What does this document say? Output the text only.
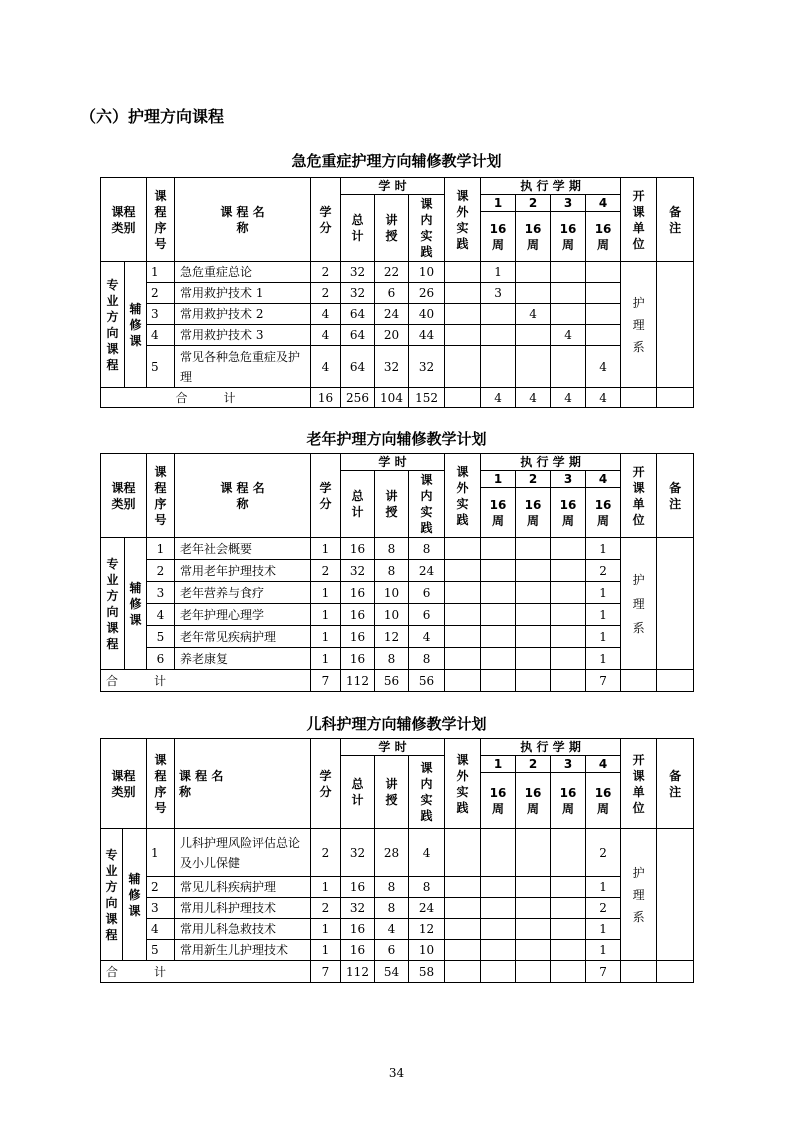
（六）护理方向课程
急危重症护理方向辅修教学计划
课程类别		课程序号	课 程 名 称	学分	学 时			课外实践	执 行 学 期				开课单位	备注

					总计	讲授	课内实践		1	2	3	4		

									16周	16周	16周	16周		

专业方向课程	辅修课	1	急危重症总论	2	32	22	10		1				护理系	

		2	常用救护技术 1	2	32	6	26		3					
		3	常用救护技术 2	4	64	24	40			4				
		4	常用救护技术 3	4	64	20	44				4			
		5	常见各种急危重症及护理	4	64	32	32					4		
合　　　计				16	256	104	152		4	4	4	4		
老年护理方向辅修教学计划
课程类别		课程序号	课 程 名 称	学分	学 时			课外实践	执 行 学 期				开课单位	备注

					总计	讲授	课内实践		1	2	3	4		

									16周	16周	16周	16周		

专业方向课程	辅修课	1	老年社会概要	1	16	8	8					1	护理系	

		2	常用老年护理技术	2	32	8	24					2		
		3	老年营养与食疗	1	16	10	6					1		
		4	老年护理心理学	1	16	10	6					1		
		5	老年常见疾病护理	1	16	12	4					1		
		6	养老康复	1	16	8	8					1		
合　　　计				7	112	56	56					7		
儿科护理方向辅修教学计划
课程类别		课程序号	课 程 名 称	学分	学 时			课外实践	执 行 学 期				开课单位	备注

					总计	讲授	课内实践		1	2	3	4		

									16周	16周	16周	16周		

专业方向课程	辅修课	1	儿科护理风险评估总论及小儿保健	2	32	28	4					2	护理系	

		2	常见儿科疾病护理	1	16	8	8					1		
		3	常用儿科护理技术	2	32	8	24					2		
		4	常用儿科急救技术	1	16	4	12					1		
		5	常用新生儿护理技术	1	16	6	10					1		
合　　　计				7	112	54	58					7		
34
